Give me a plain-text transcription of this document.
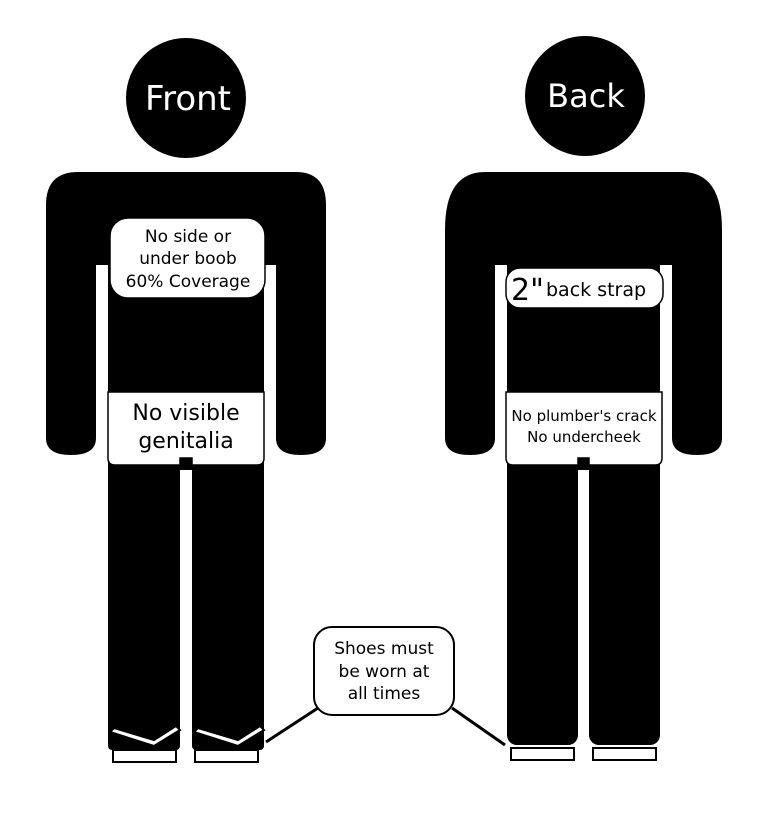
Front
No side or
under boob
60% Coverage
No visible
genitalia
Back
2" back strap
No plumber's crack
No undercheek
Shoes must
be worn at
all times
